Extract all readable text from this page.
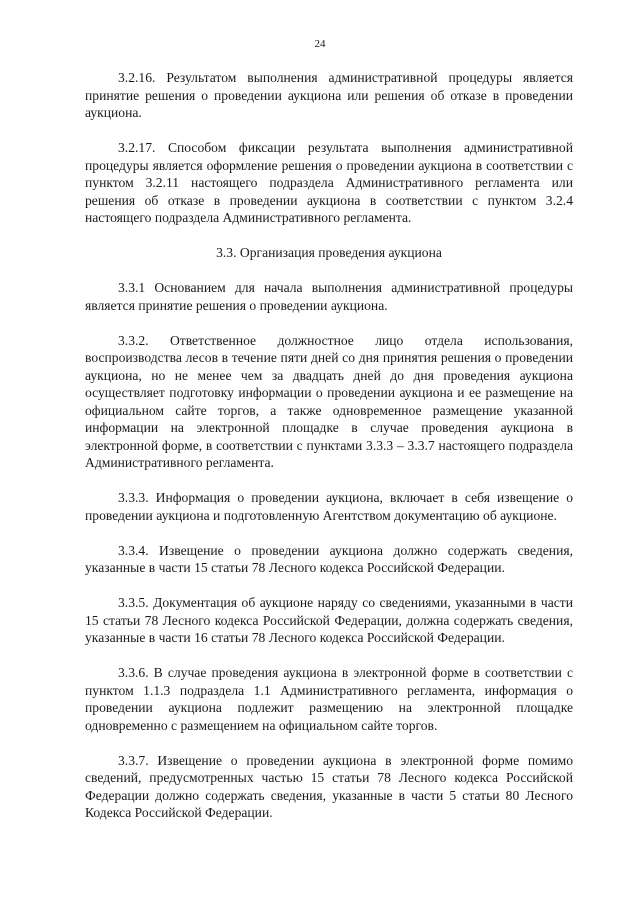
24

3.2.16. Результатом выполнения административной процедуры является принятие решения о проведении аукциона или решения об отказе в проведении аукциона.

3.2.17. Способом фиксации результата выполнения административной процедуры является оформление решения о проведении аукциона в соответствии с пунктом 3.2.11 настоящего подраздела Административного регламента или решения об отказе в проведении аукциона в соответствии с пунктом 3.2.4 настоящего подраздела Административного регламента.

3.3. Организация проведения аукциона

3.3.1 Основанием для начала выполнения административной процедуры является принятие решения о проведении аукциона.

3.3.2. Ответственное должностное лицо отдела использования, воспроизводства лесов в течение пяти дней со дня принятия решения о проведении аукциона, но не менее чем за двадцать дней до дня проведения аукциона осуществляет подготовку информации о проведении аукциона и ее размещение на официальном сайте торгов, а также одновременное размещение указанной информации на электронной площадке в случае проведения аукциона в электронной форме, в соответствии с пунктами 3.3.3 – 3.3.7 настоящего подраздела Административного регламента.

3.3.3. Информация о проведении аукциона, включает в себя извещение о проведении аукциона и подготовленную Агентством документацию об аукционе.

3.3.4. Извещение о проведении аукциона должно содержать сведения, указанные в части 15 статьи 78 Лесного кодекса Российской Федерации.

3.3.5. Документация об аукционе наряду со сведениями, указанными в части 15 статьи 78 Лесного кодекса Российской Федерации, должна содержать сведения, указанные в части 16 статьи 78 Лесного кодекса Российской Федерации.

3.3.6. В случае проведения аукциона в электронной форме в соответствии с пунктом 1.1.3 подраздела 1.1 Административного регламента, информация о проведении аукциона подлежит размещению на электронной площадке одновременно с размещением на официальном сайте торгов.

3.3.7. Извещение о проведении аукциона в электронной форме помимо сведений, предусмотренных частью 15 статьи 78 Лесного кодекса Российской Федерации должно содержать сведения, указанные в части 5 статьи 80 Лесного Кодекса Российской Федерации.
